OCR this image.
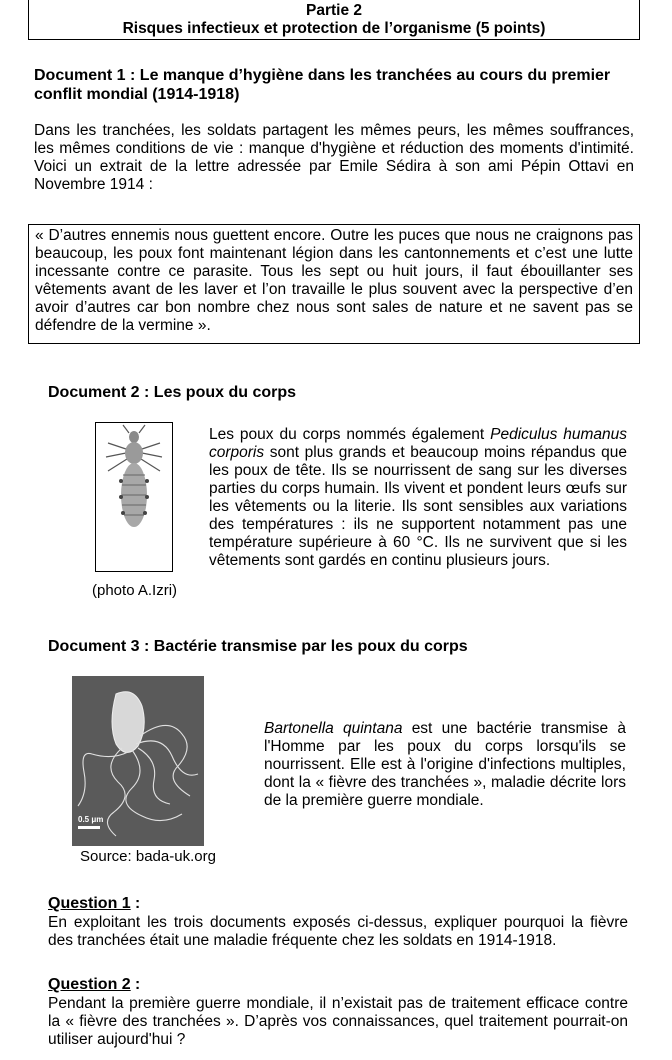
Partie 2
Risques infectieux et protection de l’organisme (5 points)
Document 1 : Le manque d’hygiène dans les tranchées au cours du premier conflit mondial (1914-1918)
Dans les tranchées, les soldats partagent les mêmes peurs, les mêmes souffrances, les mêmes conditions de vie : manque d'hygiène et réduction des moments d'intimité. Voici un extrait de la lettre adressée par Emile Sédira à son ami Pépin Ottavi en Novembre 1914 :
« D’autres ennemis nous guettent encore. Outre les puces que nous ne craignons pas beaucoup, les poux font maintenant légion dans les cantonnements et c’est une lutte incessante contre ce parasite. Tous les sept ou huit jours, il faut ébouillanter ses vêtements avant de les laver et l’on travaille le plus souvent avec la perspective d’en avoir d’autres car bon nombre chez nous sont sales de nature et ne savent pas se défendre de la vermine ».
Document 2 : Les poux du corps
(photo A.Izri)
Les poux du corps nommés également Pediculus humanus corporis sont plus grands et beaucoup moins répandus que les poux de tête. Ils se nourrissent de sang sur les diverses parties du corps humain. Ils vivent et pondent leurs œufs sur les vêtements ou la literie. Ils sont sensibles aux variations des températures : ils ne supportent notamment pas une température supérieure à 60 °C. Ils ne survivent que si les vêtements sont gardés en continu plusieurs jours.
Document 3 : Bactérie transmise par les poux du corps
0.5 μm
Source: bada-uk.org
Bartonella quintana est une bactérie transmise à l'Homme par les poux du corps lorsqu'ils se nourrissent. Elle est à l'origine d'infections multiples, dont la « fièvre des tranchées », maladie décrite lors de la première guerre mondiale.
Question 1 :
En exploitant les trois documents exposés ci-dessus, expliquer pourquoi la fièvre des tranchées était une maladie fréquente chez les soldats en 1914-1918.
Question 2 :
Pendant la première guerre mondiale, il n’existait pas de traitement efficace contre la « fièvre des tranchées ». D’après vos connaissances, quel traitement pourrait-on utiliser aujourd'hui ?
